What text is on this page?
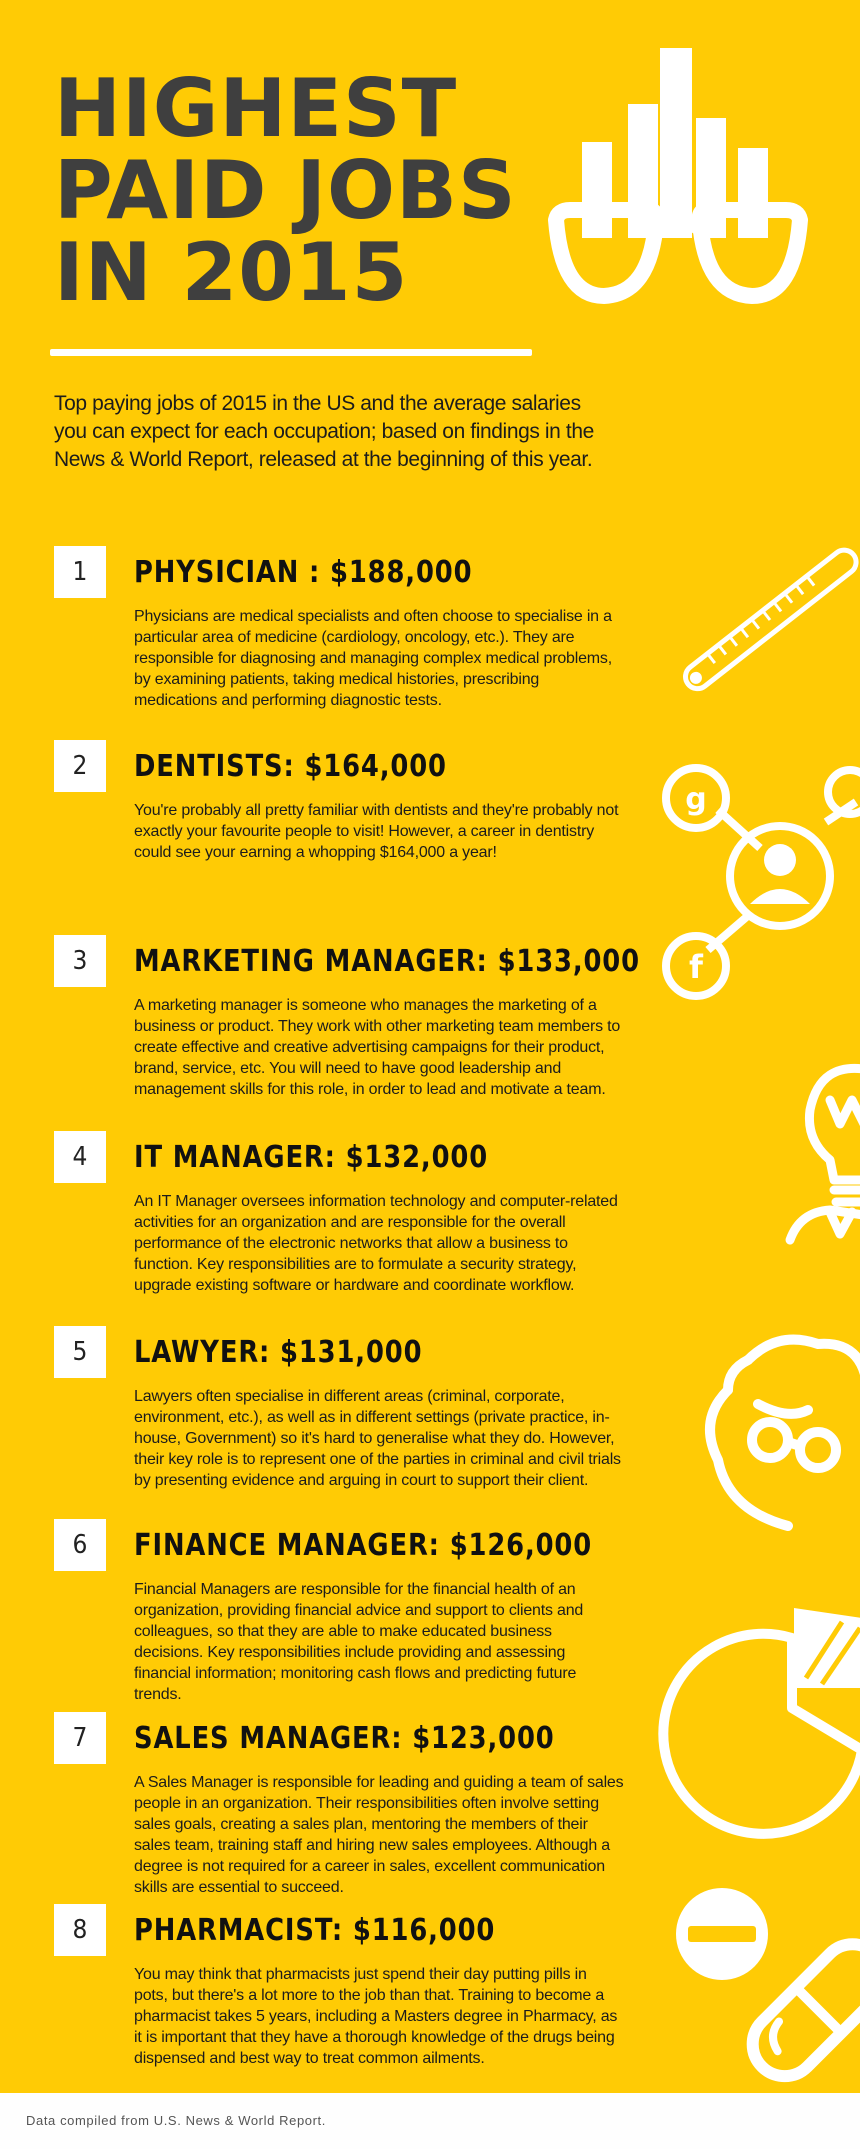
HIGHEST
PAID JOBS
IN 2015

Top paying jobs of 2015 in the US and the average salaries you can expect for each occupation; based on findings in the News & World Report, released at the beginning of this year.

g
f
1	PHYSICIAN : $188,000

Physicians are medical specialists and often choose to specialise in a particular area of medicine (cardiology, oncology, etc.). They are responsible for diagnosing and managing complex medical problems, by examining patients, taking medical histories, prescribing medications and performing diagnostic tests.

2	DENTISTS: $164,000

You're probably all pretty familiar with dentists and they're probably not exactly your favourite people to visit! However, a career in dentistry could see your earning a whopping $164,000 a year!

3	MARKETING MANAGER: $133,000

A marketing manager is someone who manages the marketing of a business or product. They work with other marketing team members to create effective and creative advertising campaigns for their product, brand, service, etc. You will need to have good leadership and management skills for this role, in order to lead and motivate a team.

4	IT MANAGER: $132,000

An IT Manager oversees information technology and computer-related activities for an organization and are responsible for the overall performance of the electronic networks that allow a business to function. Key responsibilities are to formulate a security strategy, upgrade existing software or hardware and coordinate workflow.

5	LAWYER: $131,000

Lawyers often specialise in different areas (criminal, corporate, environment, etc.), as well as in different settings (private practice, in-house, Government) so it's hard to generalise what they do. However, their key role is to represent one of the parties in criminal and civil trials by presenting evidence and arguing in court to support their client.

6	FINANCE MANAGER: $126,000

Financial Managers are responsible for the financial health of an organization, providing financial advice and support to clients and colleagues, so that they are able to make educated business decisions. Key responsibilities include providing and assessing financial information; monitoring cash flows and predicting future trends.

7	SALES MANAGER: $123,000

A Sales Manager is responsible for leading and guiding a team of sales people in an organization. Their responsibilities often involve setting sales goals, creating a sales plan, mentoring the members of their sales team, training staff and hiring new sales employees. Although a degree is not required for a career in sales, excellent communication skills are essential to succeed.

8	PHARMACIST: $116,000

You may think that pharmacists just spend their day putting pills in pots, but there's a lot more to the job than that. Training to become a pharmacist takes 5 years, including a Masters degree in Pharmacy, as it is important that they have a thorough knowledge of the drugs being dispensed and best way to treat common ailments.

Data compiled from U.S. News & World Report.
